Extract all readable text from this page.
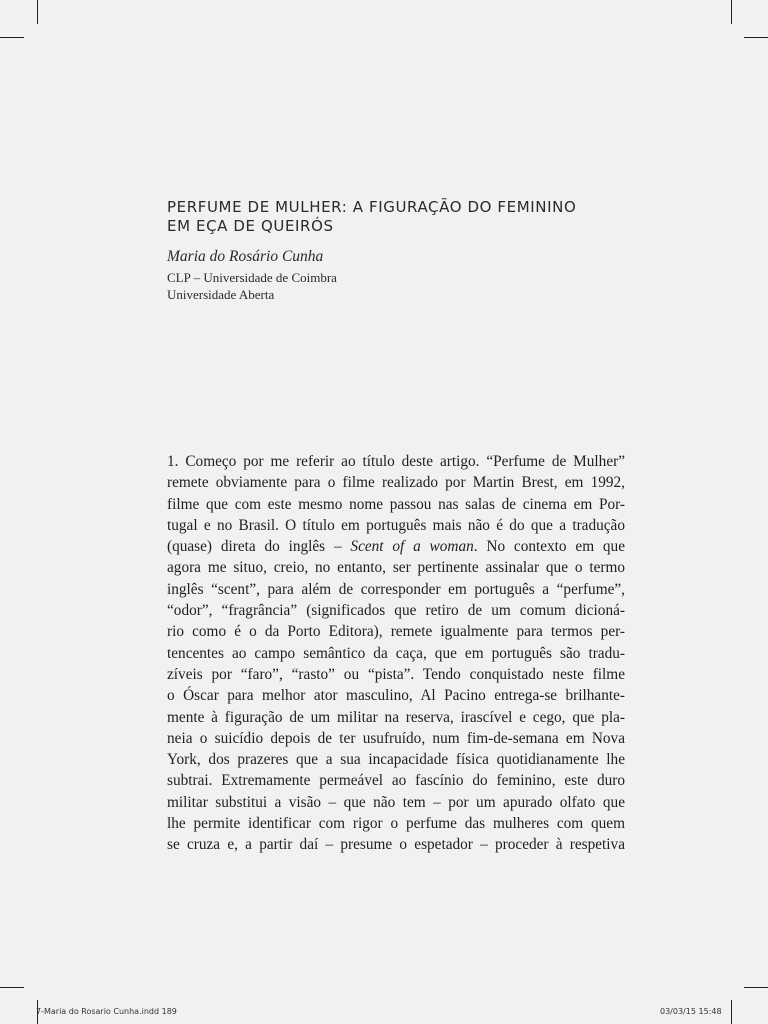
PERFUME DE MULHER: A FIGURAÇÃO DO FEMININO
EM EÇA DE QUEIRÓS
Maria do Rosário Cunha
CLP – Universidade de Coimbra
Universidade Aberta
1. Começo por me referir ao título deste artigo. “Perfume de Mulher”
remete obviamente para o filme realizado por Martin Brest, em 1992,
filme que com este mesmo nome passou nas salas de cinema em Por-
tugal e no Brasil. O título em português mais não é do que a tradução
(quase) direta do inglês – Scent of a woman. No contexto em que
agora me situo, creio, no entanto, ser pertinente assinalar que o termo
inglês “scent”, para além de corresponder em português a “perfume”,
“odor”, “fragrância” (significados que retiro de um comum dicioná-
rio como é o da Porto Editora), remete igualmente para termos per-
tencentes ao campo semântico da caça, que em português são tradu-
zíveis por “faro”, “rasto” ou “pista”. Tendo conquistado neste filme
o Óscar para melhor ator masculino, Al Pacino entrega-se brilhante-
mente à figuração de um militar na reserva, irascível e cego, que pla-
neia o suicídio depois de ter usufruído, num fim-de-semana em Nova
York, dos prazeres que a sua incapacidade física quotidianamente lhe
subtrai. Extremamente permeável ao fascínio do feminino, este duro
militar substitui a visão – que não tem – por um apurado olfato que
lhe permite identificar com rigor o perfume das mulheres com quem
se cruza e, a partir daí – presume o espetador – proceder à respetiva
7-Maria do Rosario Cunha.indd 189	03/03/15 15:48
